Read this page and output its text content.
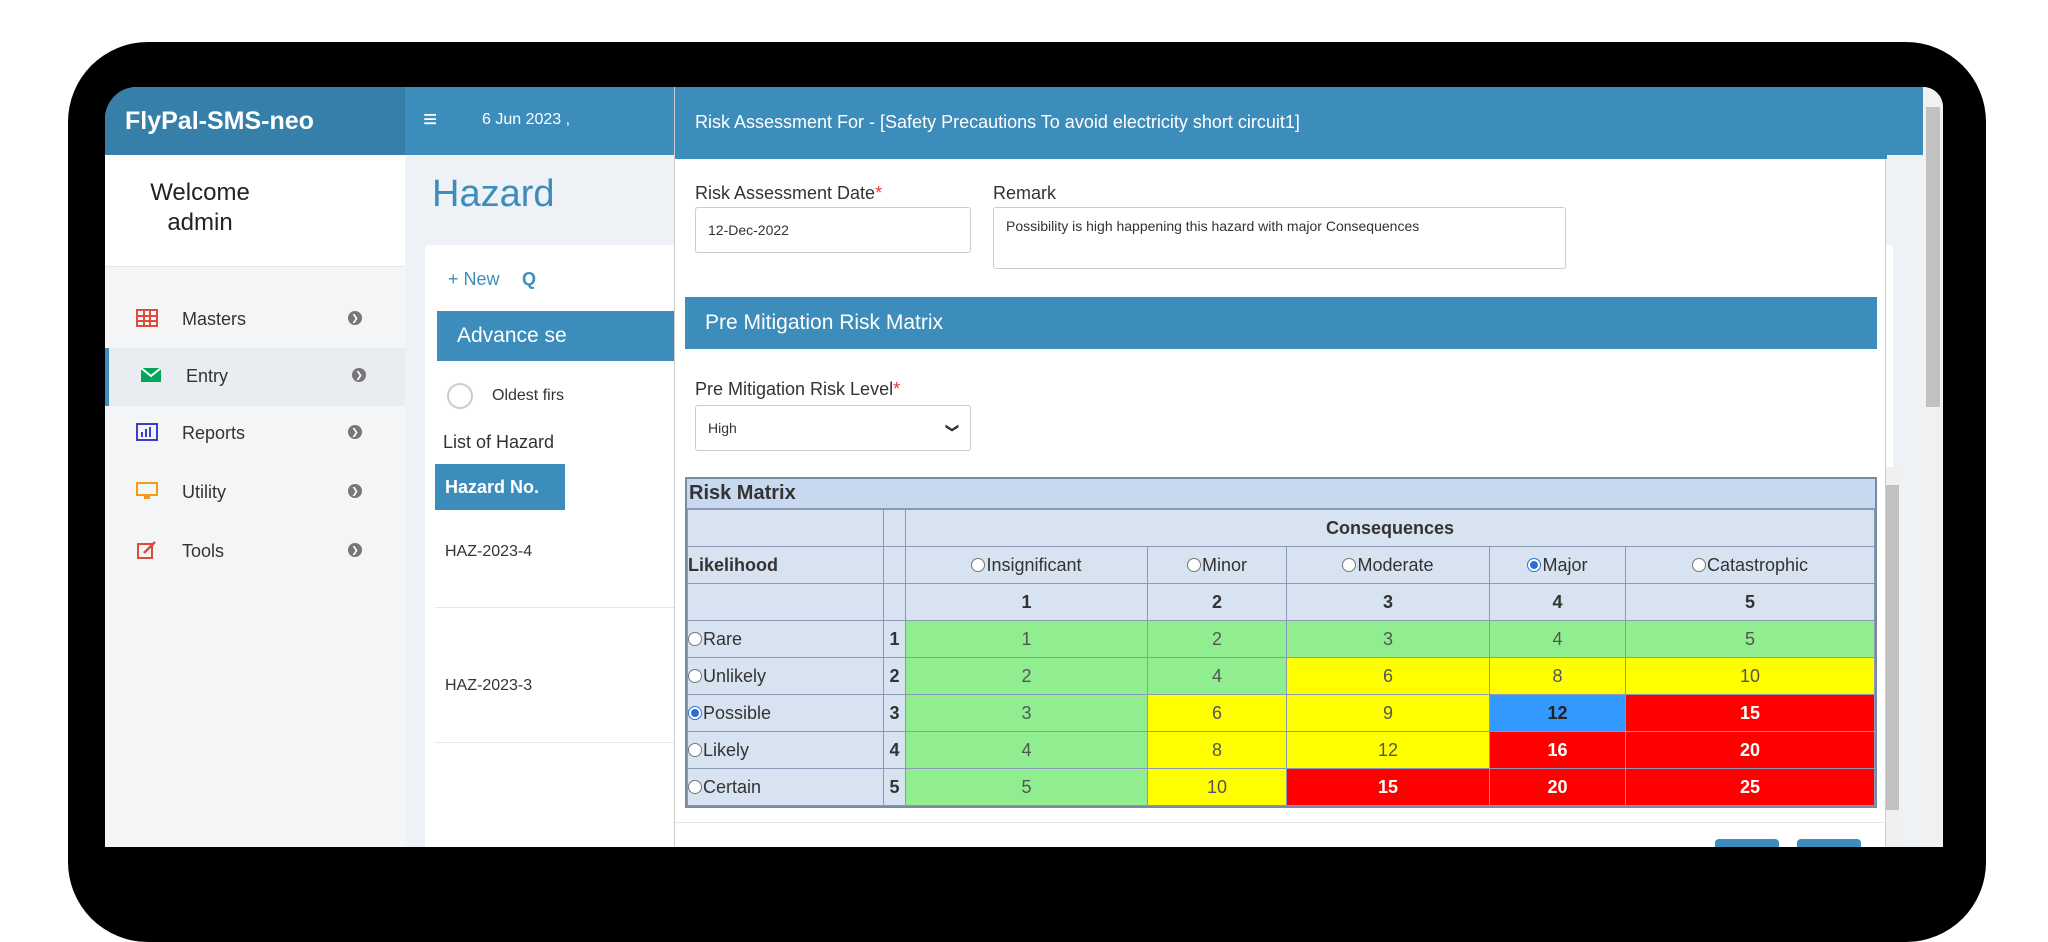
FlyPal-SMS-neo	≡	6 Jun 2023 ,
Welcome
admin
Masters	❯
Entry	❯
Reports	❯
Utility	❯
Tools	❯
Hazard
+ New Q
Advance se
Oldest firs
List of Hazard
Hazard No.
HAZ-2023-4
HAZ-2023-3
Risk Assessment For - [Safety Precautions To avoid electricity short circuit1]
Risk Assessment Date*
12-Dec-2022
Remark
Possibility is high happening this hazard with major Consequences
Pre Mitigation Risk Matrix
Pre Mitigation Risk Level*
High	❯
Risk Matrix
		Consequences				
Likelihood		Insignificant	Minor	Moderate	Major	Catastrophic
		1	2	3	4	5
Rare	1	1	2	3	4	5
Unlikely	2	2	4	6	8	10
Possible	3	3	6	9	12	15
Likely	4	4	8	12	16	20
Certain	5	5	10	15	20	25
